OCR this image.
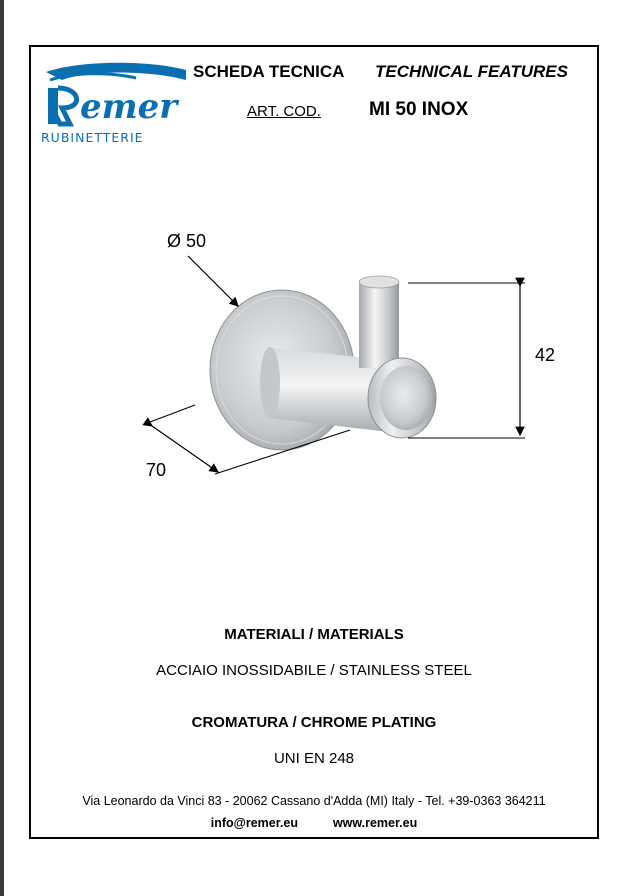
emer
RUBINETTERIE
SCHEDA TECNICA TECHNICAL FEATURES
ART. COD.	MI 50 INOX
Ø 50
70
42
MATERIALI / MATERIALS
ACCIAIO INOSSIDABILE / STAINLESS STEEL
CROMATURA / CHROME PLATING
UNI EN 248
Via Leonardo da Vinci 83 - 20062 Cassano d'Adda (MI) Italy - Tel. +39-0363 364211
info@remer.eu	www.remer.eu
